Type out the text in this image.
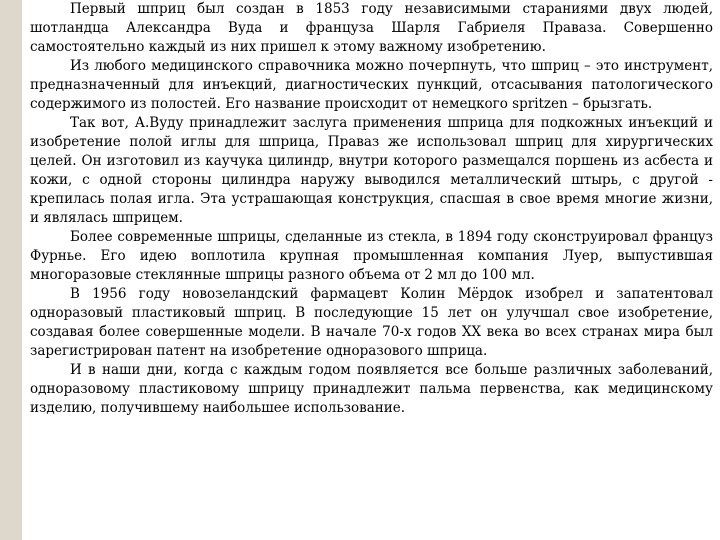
Первый шприц был создан в 1853 году независимыми стараниями двух людей, шотландца Александра Вуда и француза Шарля Габриеля Праваза. Совершенно самостоятельно каждый из них пришел к этому важному изобретению.

Из любого медицинского справочника можно почерпнуть, что шприц – это инструмент, предназначенный для инъекций, диагностических пункций, отсасывания патологического содержимого из полостей. Его название происходит от немецкого spritzen – брызгать.

Так вот, А.Вуду принадлежит заслуга применения шприца для подкожных инъекций и изобретение полой иглы для шприца, Праваз же использовал шприц для хирургических целей. Он изготовил из каучука цилиндр, внутри которого размещался поршень из асбеста и кожи, с одной стороны цилиндра наружу выводился металлический штырь, с другой - крепилась полая игла. Эта устрашающая конструкция, спасшая в свое время многие жизни, и являлась шприцем.

Более современные шприцы, сделанные из стекла, в 1894 году сконструировал француз Фурнье. Его идею воплотила крупная промышленная компания Луер, выпустившая многоразовые стеклянные шприцы разного объема от 2 мл до 100 мл.

В 1956 году новозеландский фармацевт Колин Мёрдок изобрел и запатентовал одноразовый пластиковый шприц. В последующие 15 лет он улучшал свое изобретение, создавая более совершенные модели. В начале 70-х годов XX века во всех странах мира был зарегистрирован патент на изобретение одноразового шприца.

И в наши дни, когда с каждым годом появляется все больше различных заболеваний, одноразовому пластиковому шприцу принадлежит пальма первенства, как медицинскому изделию, получившему наибольшее использование.
